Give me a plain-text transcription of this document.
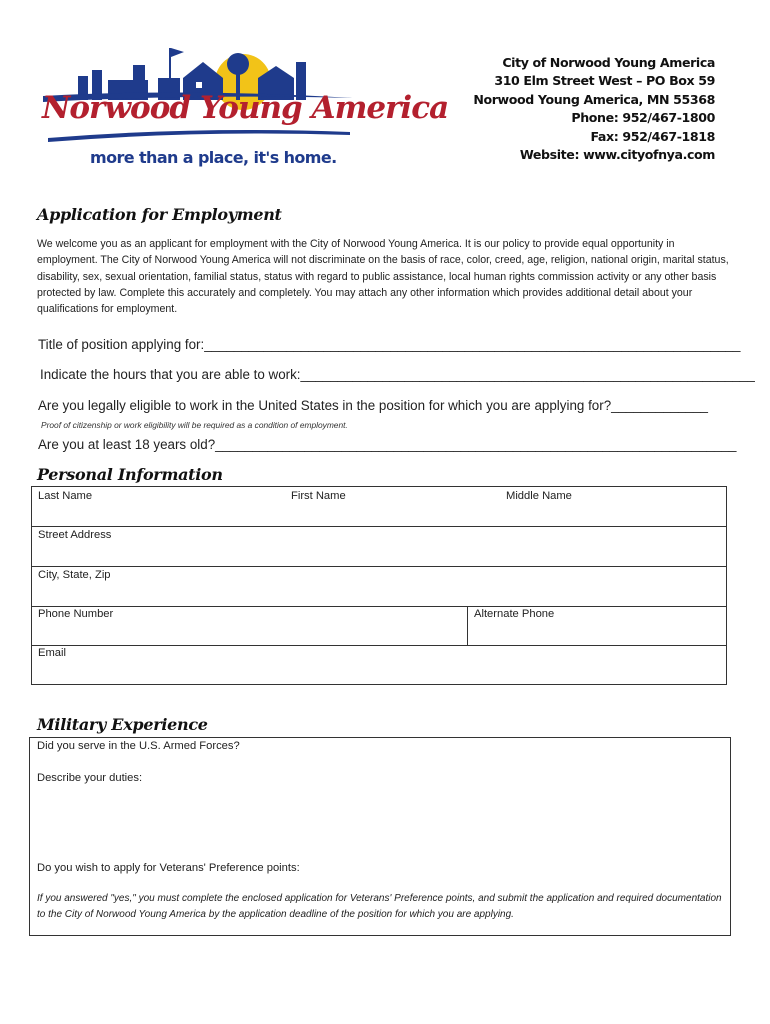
Norwood Young America
more than a place, it's home.
City of Norwood Young America
310 Elm Street West – PO Box 59
Norwood Young America, MN 55368
Phone: 952/467-1800
Fax: 952/467-1818
Website: www.cityofnya.com
Application for Employment
We welcome you as an applicant for employment with the City of Norwood Young America. It is our policy to provide equal opportunity in employment. The City of Norwood Young America will not discriminate on the basis of race, color, creed, age, religion, national origin, marital status, disability, sex, sexual orientation, familial status, status with regard to public assistance, local human rights commission activity or any other basis protected by law. Complete this accurately and completely. You may attach any other information which provides additional detail about your qualifications for employment.
Title of position applying for:________________________________________________________________________
Indicate the hours that you are able to work:_____________________________________________________________
Are you legally eligible to work in the United States in the position for which you are applying for?_____________
Proof of citizenship or work eligibility will be required as a condition of employment.
Are you at least 18 years old?______________________________________________________________________
Personal Information
Last Name	First Name	Middle Name
Street Address
City, State, Zip
Phone Number	Alternate Phone
Email
Military Experience
Did you serve in the U.S. Armed Forces?
Describe your duties:
Do you wish to apply for Veterans' Preference points:
If you answered "yes," you must complete the enclosed application for Veterans' Preference points, and submit the application and required documentation to the City of Norwood Young America by the application deadline of the position for which you are applying.
